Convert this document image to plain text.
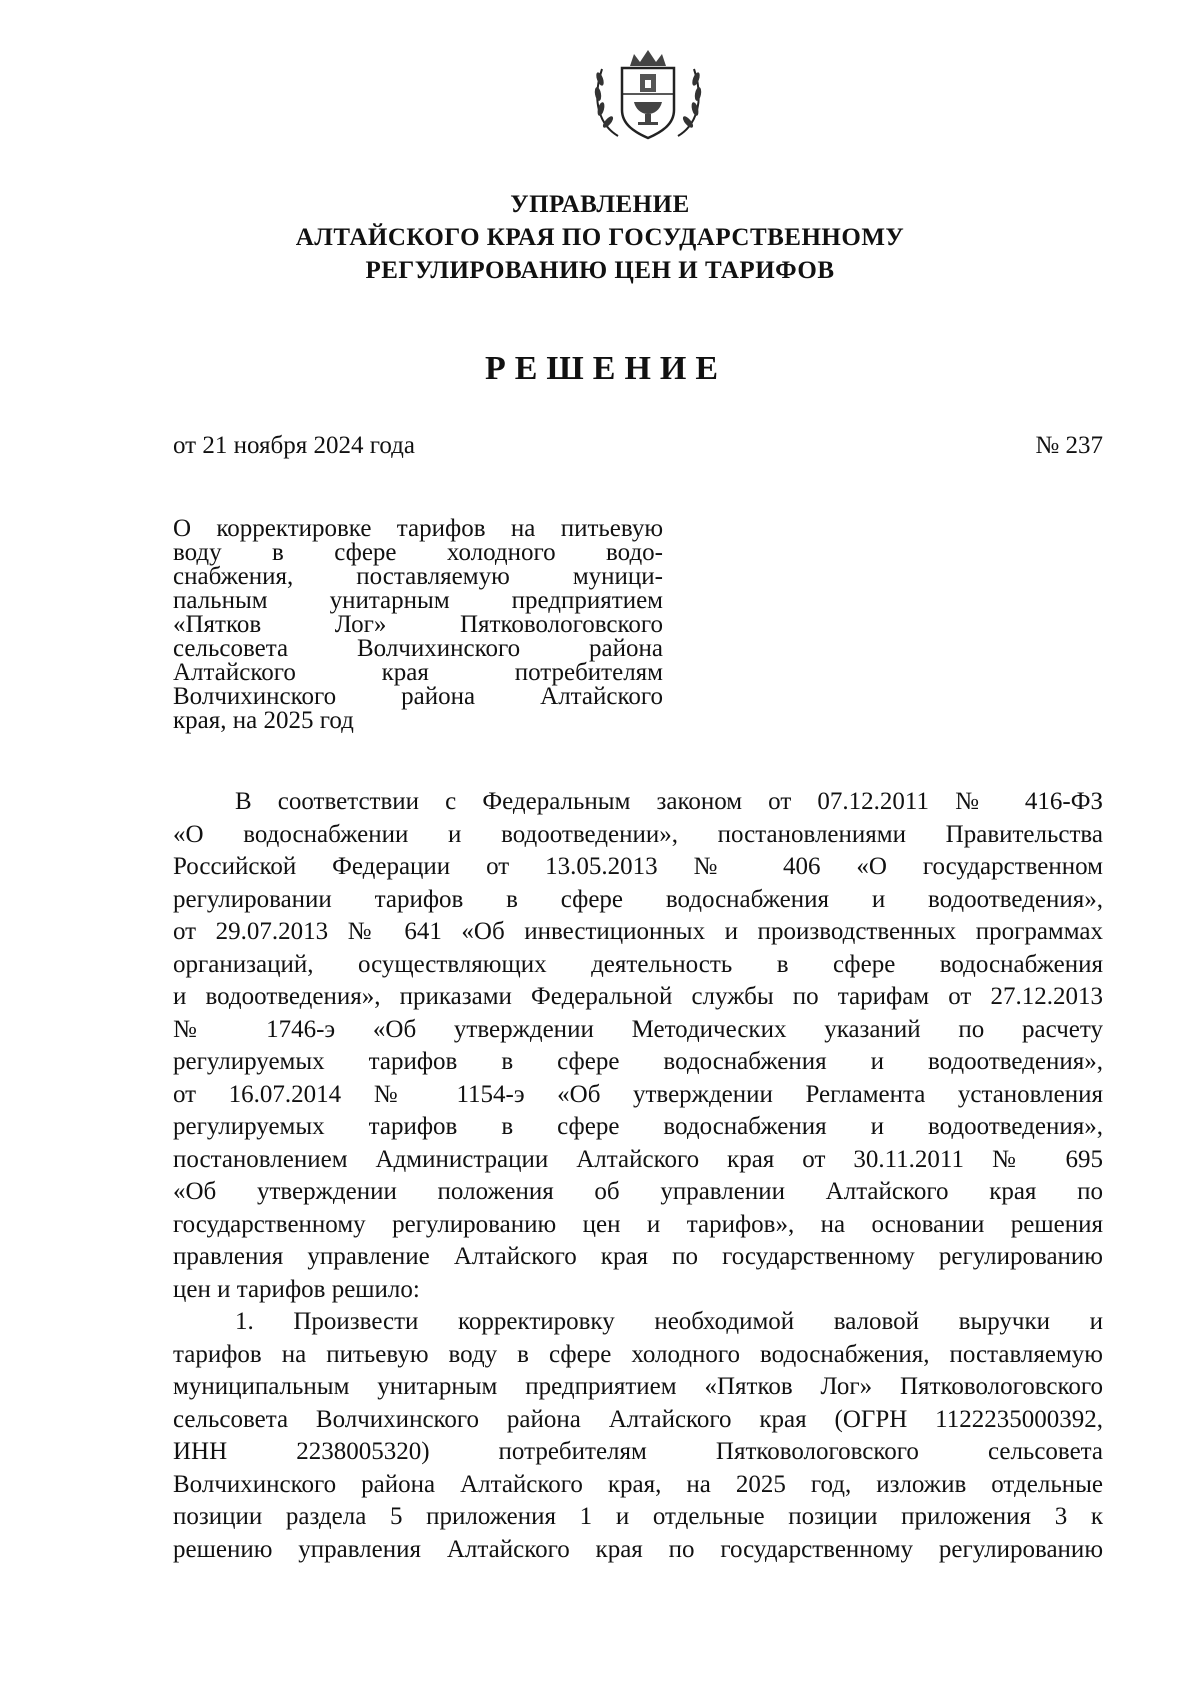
УПРАВЛЕНИЕ
АЛТАЙСКОГО КРАЯ ПО ГОСУДАРСТВЕННОМУ
РЕГУЛИРОВАНИЮ ЦЕН И ТАРИФОВ
РЕШЕНИЕ
от 21 ноября 2024 года	№ 237
О корректировке тарифов на питьевую
воду в сфере холодного водо-
снабжения, поставляемую муници-
пальным унитарным предприятием
«Пятков Лог» Пятковологовского
сельсовета Волчихинского района
Алтайского края потребителям
Волчихинского района Алтайского
края, на 2025 год
В соответствии с Федеральным законом от 07.12.2011 № 416-ФЗ
«О водоснабжении и водоотведении», постановлениями Правительства
Российской Федерации от 13.05.2013 № 406 «О государственном
регулировании тарифов в сфере водоснабжения и водоотведения»,
от 29.07.2013 № 641 «Об инвестиционных и производственных программах
организаций, осуществляющих деятельность в сфере водоснабжения
и водоотведения», приказами Федеральной службы по тарифам от 27.12.2013
№ 1746-э «Об утверждении Методических указаний по расчету
регулируемых тарифов в сфере водоснабжения и водоотведения»,
от 16.07.2014 № 1154-э «Об утверждении Регламента установления
регулируемых тарифов в сфере водоснабжения и водоотведения»,
постановлением Администрации Алтайского края от 30.11.2011 № 695
«Об утверждении положения об управлении Алтайского края по
государственному регулированию цен и тарифов», на основании решения
правления управление Алтайского края по государственному регулированию
цен и тарифов решило:
1. Произвести корректировку необходимой валовой выручки и
тарифов на питьевую воду в сфере холодного водоснабжения, поставляемую
муниципальным унитарным предприятием «Пятков Лог» Пятковологовского
сельсовета Волчихинского района Алтайского края (ОГРН 1122235000392,
ИНН 2238005320) потребителям Пятковологовского сельсовета
Волчихинского района Алтайского края, на 2025 год, изложив отдельные
позиции раздела 5 приложения 1 и отдельные позиции приложения 3 к
решению управления Алтайского края по государственному регулированию
